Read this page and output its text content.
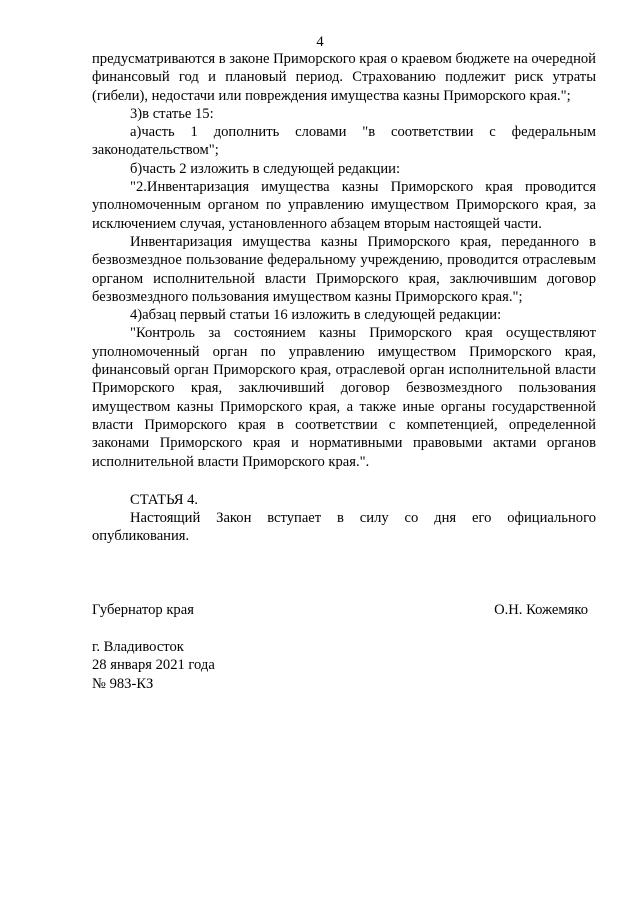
4

предусматриваются в законе Приморского края о краевом бюджете на очередной финансовый год и плановый период. Страхованию подлежит риск утраты (гибели), недостачи или повреждения имущества казны Приморского края.";

3)в статье 15:

а)часть 1 дополнить словами "в соответствии с федеральным законодательством";

б)часть 2 изложить в следующей редакции:

"2.Инвентаризация имущества казны Приморского края проводится уполномоченным органом по управлению имуществом Приморского края, за исключением случая, установленного абзацем вторым настоящей части.

Инвентаризация имущества казны Приморского края, переданного в безвозмездное пользование федеральному учреждению, проводится отраслевым органом исполнительной власти Приморского края, заключившим договор безвозмездного пользования имуществом казны Приморского края.";

4)абзац первый статьи 16 изложить в следующей редакции:

"Контроль за состоянием казны Приморского края осуществляют уполномоченный орган по управлению имуществом Приморского края, финансовый орган Приморского края, отраслевой орган исполнительной власти Приморского края, заключивший договор безвозмездного пользования имуществом казны Приморского края, а также иные органы государственной власти Приморского края в соответствии с компетенцией, определенной законами Приморского края и нормативными правовыми актами органов исполнительной власти Приморского края.".

СТАТЬЯ 4.

Настоящий Закон вступает в силу со дня его официального опубликования.

Губернатор края	О.Н. Кожемяко
г. Владивосток
28 января 2021 года
№ 983-КЗ
